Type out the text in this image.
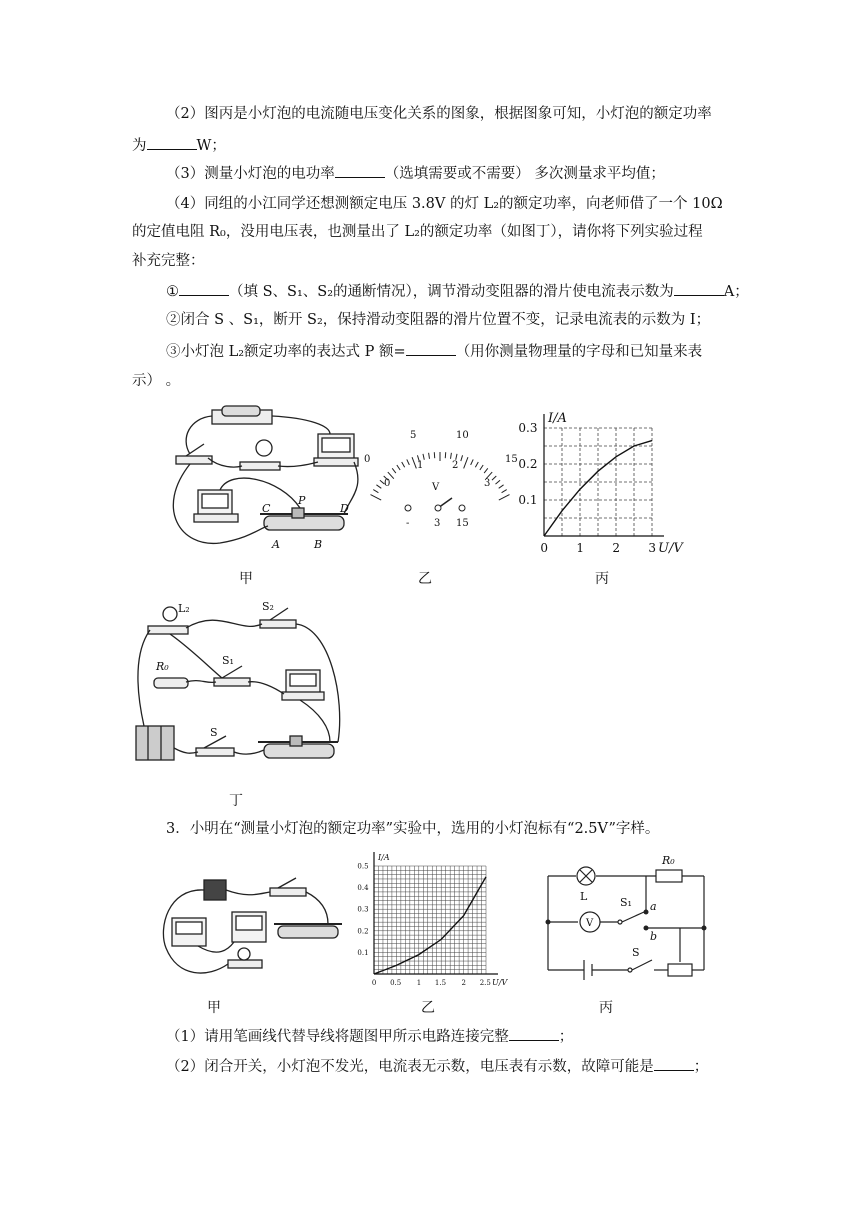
（2）图丙是小灯泡的电流随电压变化关系的图象，根据图象可知，小灯泡的额定功率
为	W；
（3）测量小灯泡的电功率	（选填需要或不需要） 多次测量求平均值；
（4）同组的小江同学还想测额定电压 3.8V 的灯 L₂的额定功率，向老师借了一个 10Ω
的定值电阻 R₀，没用电压表，也测量出了 L₂的额定功率（如图丁），请你将下列实验过程
补充完整：
①	（填 S、S₁、S₂的通断情况），调节滑动变阻器的滑片使电流表示数为	A；
②闭合 S 、S₁，断开 S₂，保持滑动变阻器的滑片位置不变，记录电流表的示数为 I；
③小灯泡 L₂额定功率的表达式 P 额=	（用你测量物理量的字母和已知量来表
示） 。
C
P
D
A	B
甲
0
5	10
15
0
1	2
3
V
- 3 15
乙
0 1 2 3
0.1
0.2
0.3
U/V
I/A
丙
L₂	S₂
R₀	S₁
S
丁
3．小明在“测量小灯泡的额定功率”实验中，选用的小灯泡标有“2.5V”字样。
甲
0 0.5 1 1.5 2 2.5
0.1
0.2
0.3
0.4
0.5
U/V
I/A
乙
R₀
L
V
S₁ a
b
S
丙
（1）请用笔画线代替导线将题图甲所示电路连接完整	；
（2）闭合开关，小灯泡不发光，电流表无示数，电压表有示数，故障可能是	；
